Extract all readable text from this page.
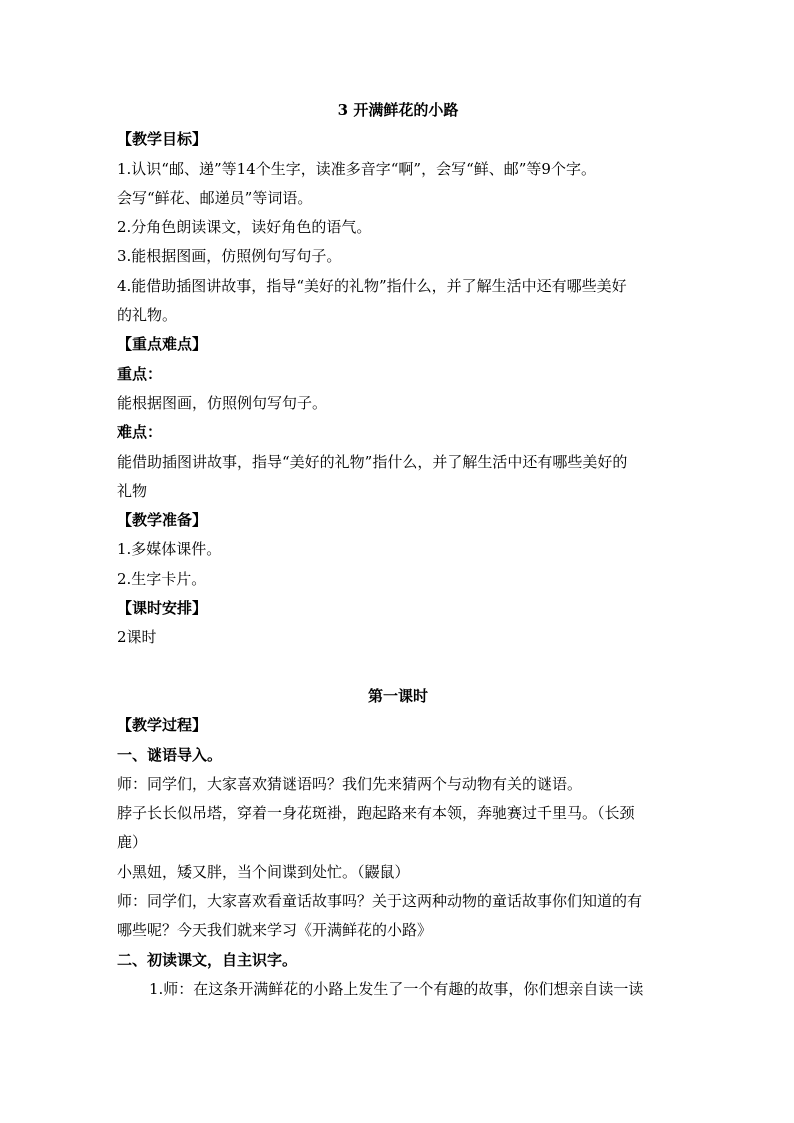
3 开满鲜花的小路
【教学目标】
1.认识“邮、递”等14个生字，读准多音字“啊”，会写“鲜、邮”等9个字。
会写“鲜花、邮递员”等词语。
2.分角色朗读课文，读好角色的语气。
3.能根据图画，仿照例句写句子。
4.能借助插图讲故事，指导“美好的礼物”指什么，并了解生活中还有哪些美好
的礼物。
【重点难点】
重点：
能根据图画，仿照例句写句子。
难点：
能借助插图讲故事，指导“美好的礼物”指什么，并了解生活中还有哪些美好的
礼物
【教学准备】
1.多媒体课件。
2.生字卡片。
【课时安排】
2课时
第一课时
【教学过程】
一、谜语导入。
师：同学们，大家喜欢猜谜语吗？我们先来猜两个与动物有关的谜语。
脖子长长似吊塔，穿着一身花斑褂，跑起路来有本领，奔驰赛过千里马。（长颈
鹿）
小黑妞，矮又胖，当个间谍到处忙。（鼹鼠）
师：同学们，大家喜欢看童话故事吗？关于这两种动物的童话故事你们知道的有
哪些呢？今天我们就来学习《开满鲜花的小路》
二、初读课文，自主识字。
1.师：在这条开满鲜花的小路上发生了一个有趣的故事，你们想亲自读一读
